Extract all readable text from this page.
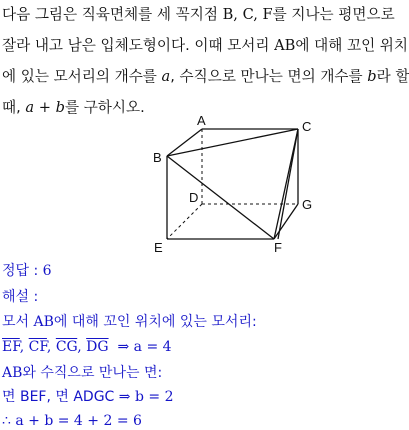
다음 그림은 직육면체를 세 꼭지점 B, C, F를 지나는 평면으로
잘라 내고 남은 입체도형이다. 이때 모서리 AB에 대해 꼬인 위치
에 있는 모서리의 개수를 a, 수직으로 만나는 면의 개수를 b라 할
때, a + b를 구하시오.
A
B
C
D
E	F
G
정답 : 6
해설 :
모서 AB에 대해 꼬인 위치에 있는 모서리:
$\overline{EF}$, $\overline{CF}$, $\overline{CG}$, $\overline{DG}$ ⇒ a = 4
AB와 수직으로 만나는 면:
면 BEF, 면 ADGC ⇒ b = 2
∴ a + b = 4 + 2 = 6
